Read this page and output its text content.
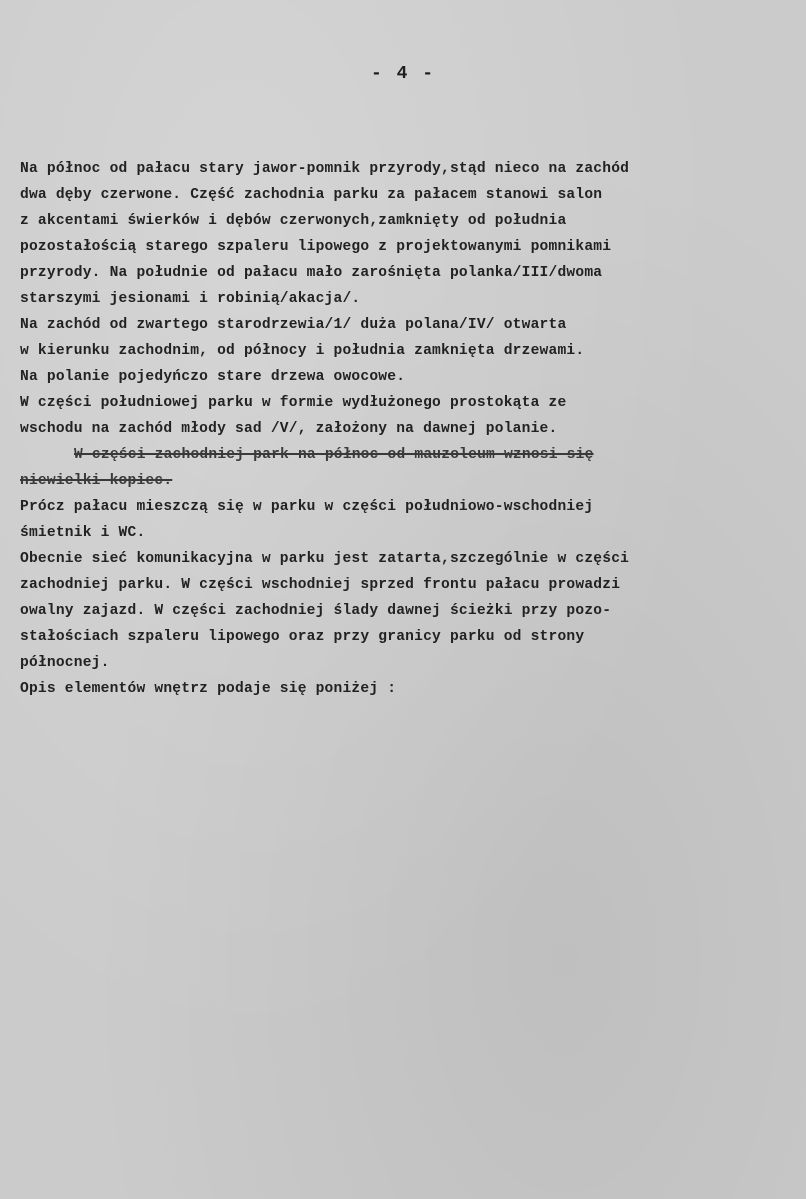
- 4 -
Na północ od pałacu stary jawor-pomnik przyrody,stąd nieco na zachód
dwa dęby czerwone. Część zachodnia parku za pałacem stanowi salon
z akcentami świerków i dębów czerwonych,zamknięty od południa
pozostałością starego szpaleru lipowego z projektowanymi pomnikami
przyrody. Na południe od pałacu mało zarośnięta polanka/III/dwoma
starszymi jesionami i robinią/akacja/.
Na zachód od zwartego starodrzewia/1/ duża polana/IV/ otwarta
w kierunku zachodnim, od północy i południa zamknięta drzewami.
Na polanie pojedyńczo stare drzewa owocowe.
W części południowej parku w formie wydłużonego prostokąta ze
wschodu na zachód młody sad /V/, założony na dawnej polanie.
W części zachodniej park na północ od mauzoleum wznosi się
niewielki kopiec.
Prócz pałacu mieszczą się w parku w części południowo-wschodniej
śmietnik i WC.
Obecnie sieć komunikacyjna w parku jest zatarta,szczególnie w części
zachodniej parku. W części wschodniej sprzed frontu pałacu prowadzi
owalny zajazd. W części zachodniej ślady dawnej ścieżki przy pozo-
stałościach szpaleru lipowego oraz przy granicy parku od strony
północnej.
Opis elementów wnętrz podaje się poniżej :
